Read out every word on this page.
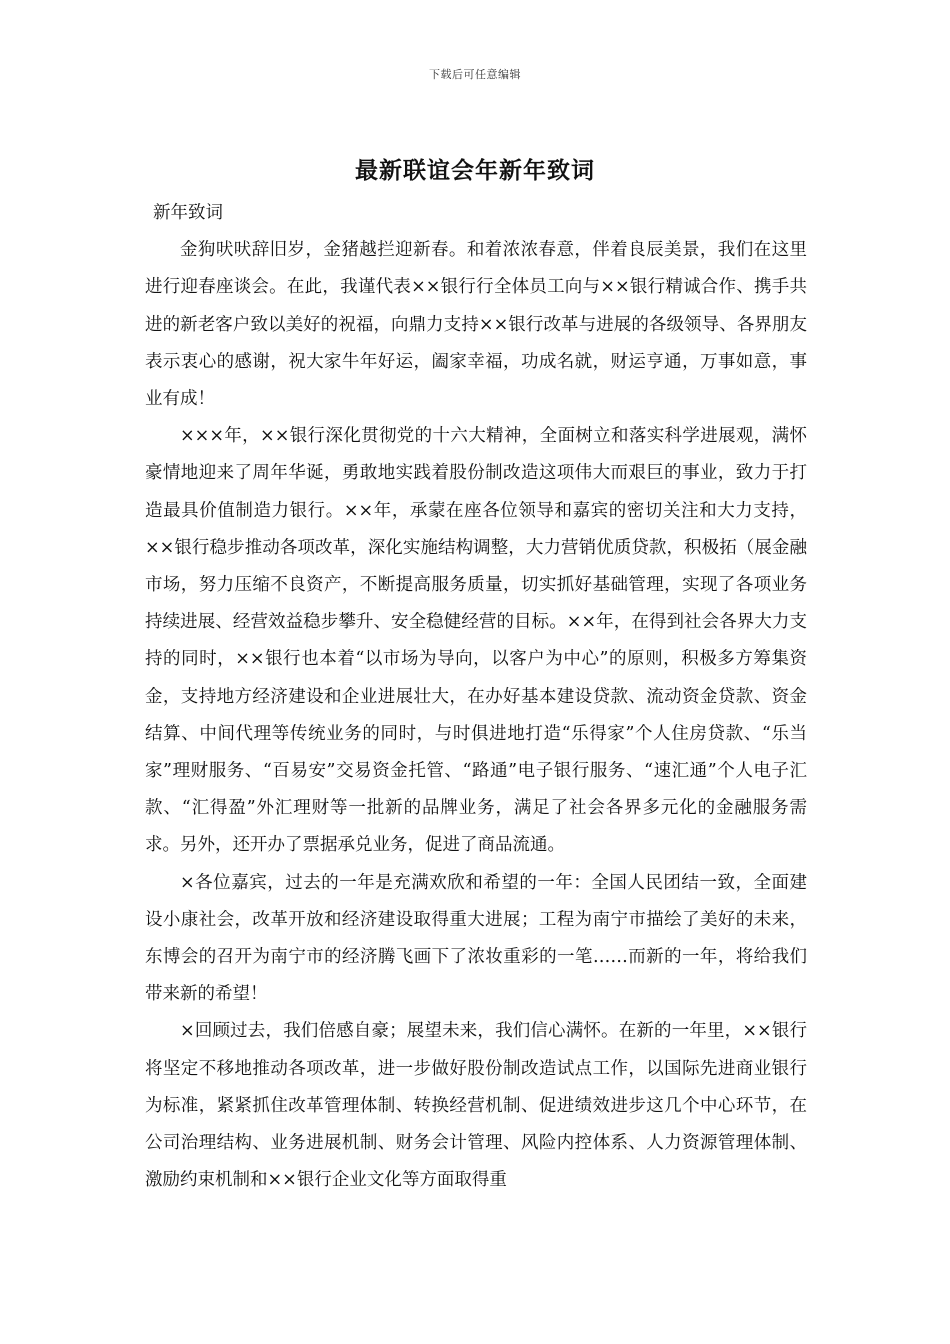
下载后可任意编辑
最新联谊会年新年致词

新年致词

金狗吠吠辞旧岁，金猪越拦迎新春。和着浓浓春意，伴着良辰美景，我们在这里进行迎春座谈会。在此，我谨代表××银行行全体员工向与××银行精诚合作、携手共进的新老客户致以美好的祝福，向鼎力支持××银行改革与进展的各级领导、各界朋友表示衷心的感谢，祝大家牛年好运，阖家幸福，功成名就，财运亨通，万事如意，事业有成！

×××年，××银行深化贯彻党的十六大精神，全面树立和落实科学进展观，满怀豪情地迎来了周年华诞，勇敢地实践着股份制改造这项伟大而艰巨的事业，致力于打造最具价值制造力银行。××年，承蒙在座各位领导和嘉宾的密切关注和大力支持，××银行稳步推动各项改革，深化实施结构调整，大力营销优质贷款，积极拓（展金融市场，努力压缩不良资产，不断提高服务质量，切实抓好基础管理，实现了各项业务持续进展、经营效益稳步攀升、安全稳健经营的目标。××年，在得到社会各界大力支持的同时，××银行也本着“以市场为导向，以客户为中心”的原则，积极多方筹集资金，支持地方经济建设和企业进展壮大，在办好基本建设贷款、流动资金贷款、资金结算、中间代理等传统业务的同时，与时俱进地打造“乐得家”个人住房贷款、“乐当家”理财服务、“百易安”交易资金托管、“路通”电子银行服务、“速汇通”个人电子汇款、“汇得盈”外汇理财等一批新的品牌业务，满足了社会各界多元化的金融服务需求。另外，还开办了票据承兑业务，促进了商品流通。

×各位嘉宾，过去的一年是充满欢欣和希望的一年：全国人民团结一致，全面建设小康社会，改革开放和经济建设取得重大进展；工程为南宁市描绘了美好的未来，东博会的召开为南宁市的经济腾飞画下了浓妆重彩的一笔……而新的一年，将给我们带来新的希望！

×回顾过去，我们倍感自豪；展望未来，我们信心满怀。在新的一年里，××银行将坚定不移地推动各项改革，进一步做好股份制改造试点工作，以国际先进商业银行为标准，紧紧抓住改革管理体制、转换经营机制、促进绩效进步这几个中心环节，在公司治理结构、业务进展机制、财务会计管理、风险内控体系、人力资源管理体制、激励约束机制和××银行企业文化等方面取得重
